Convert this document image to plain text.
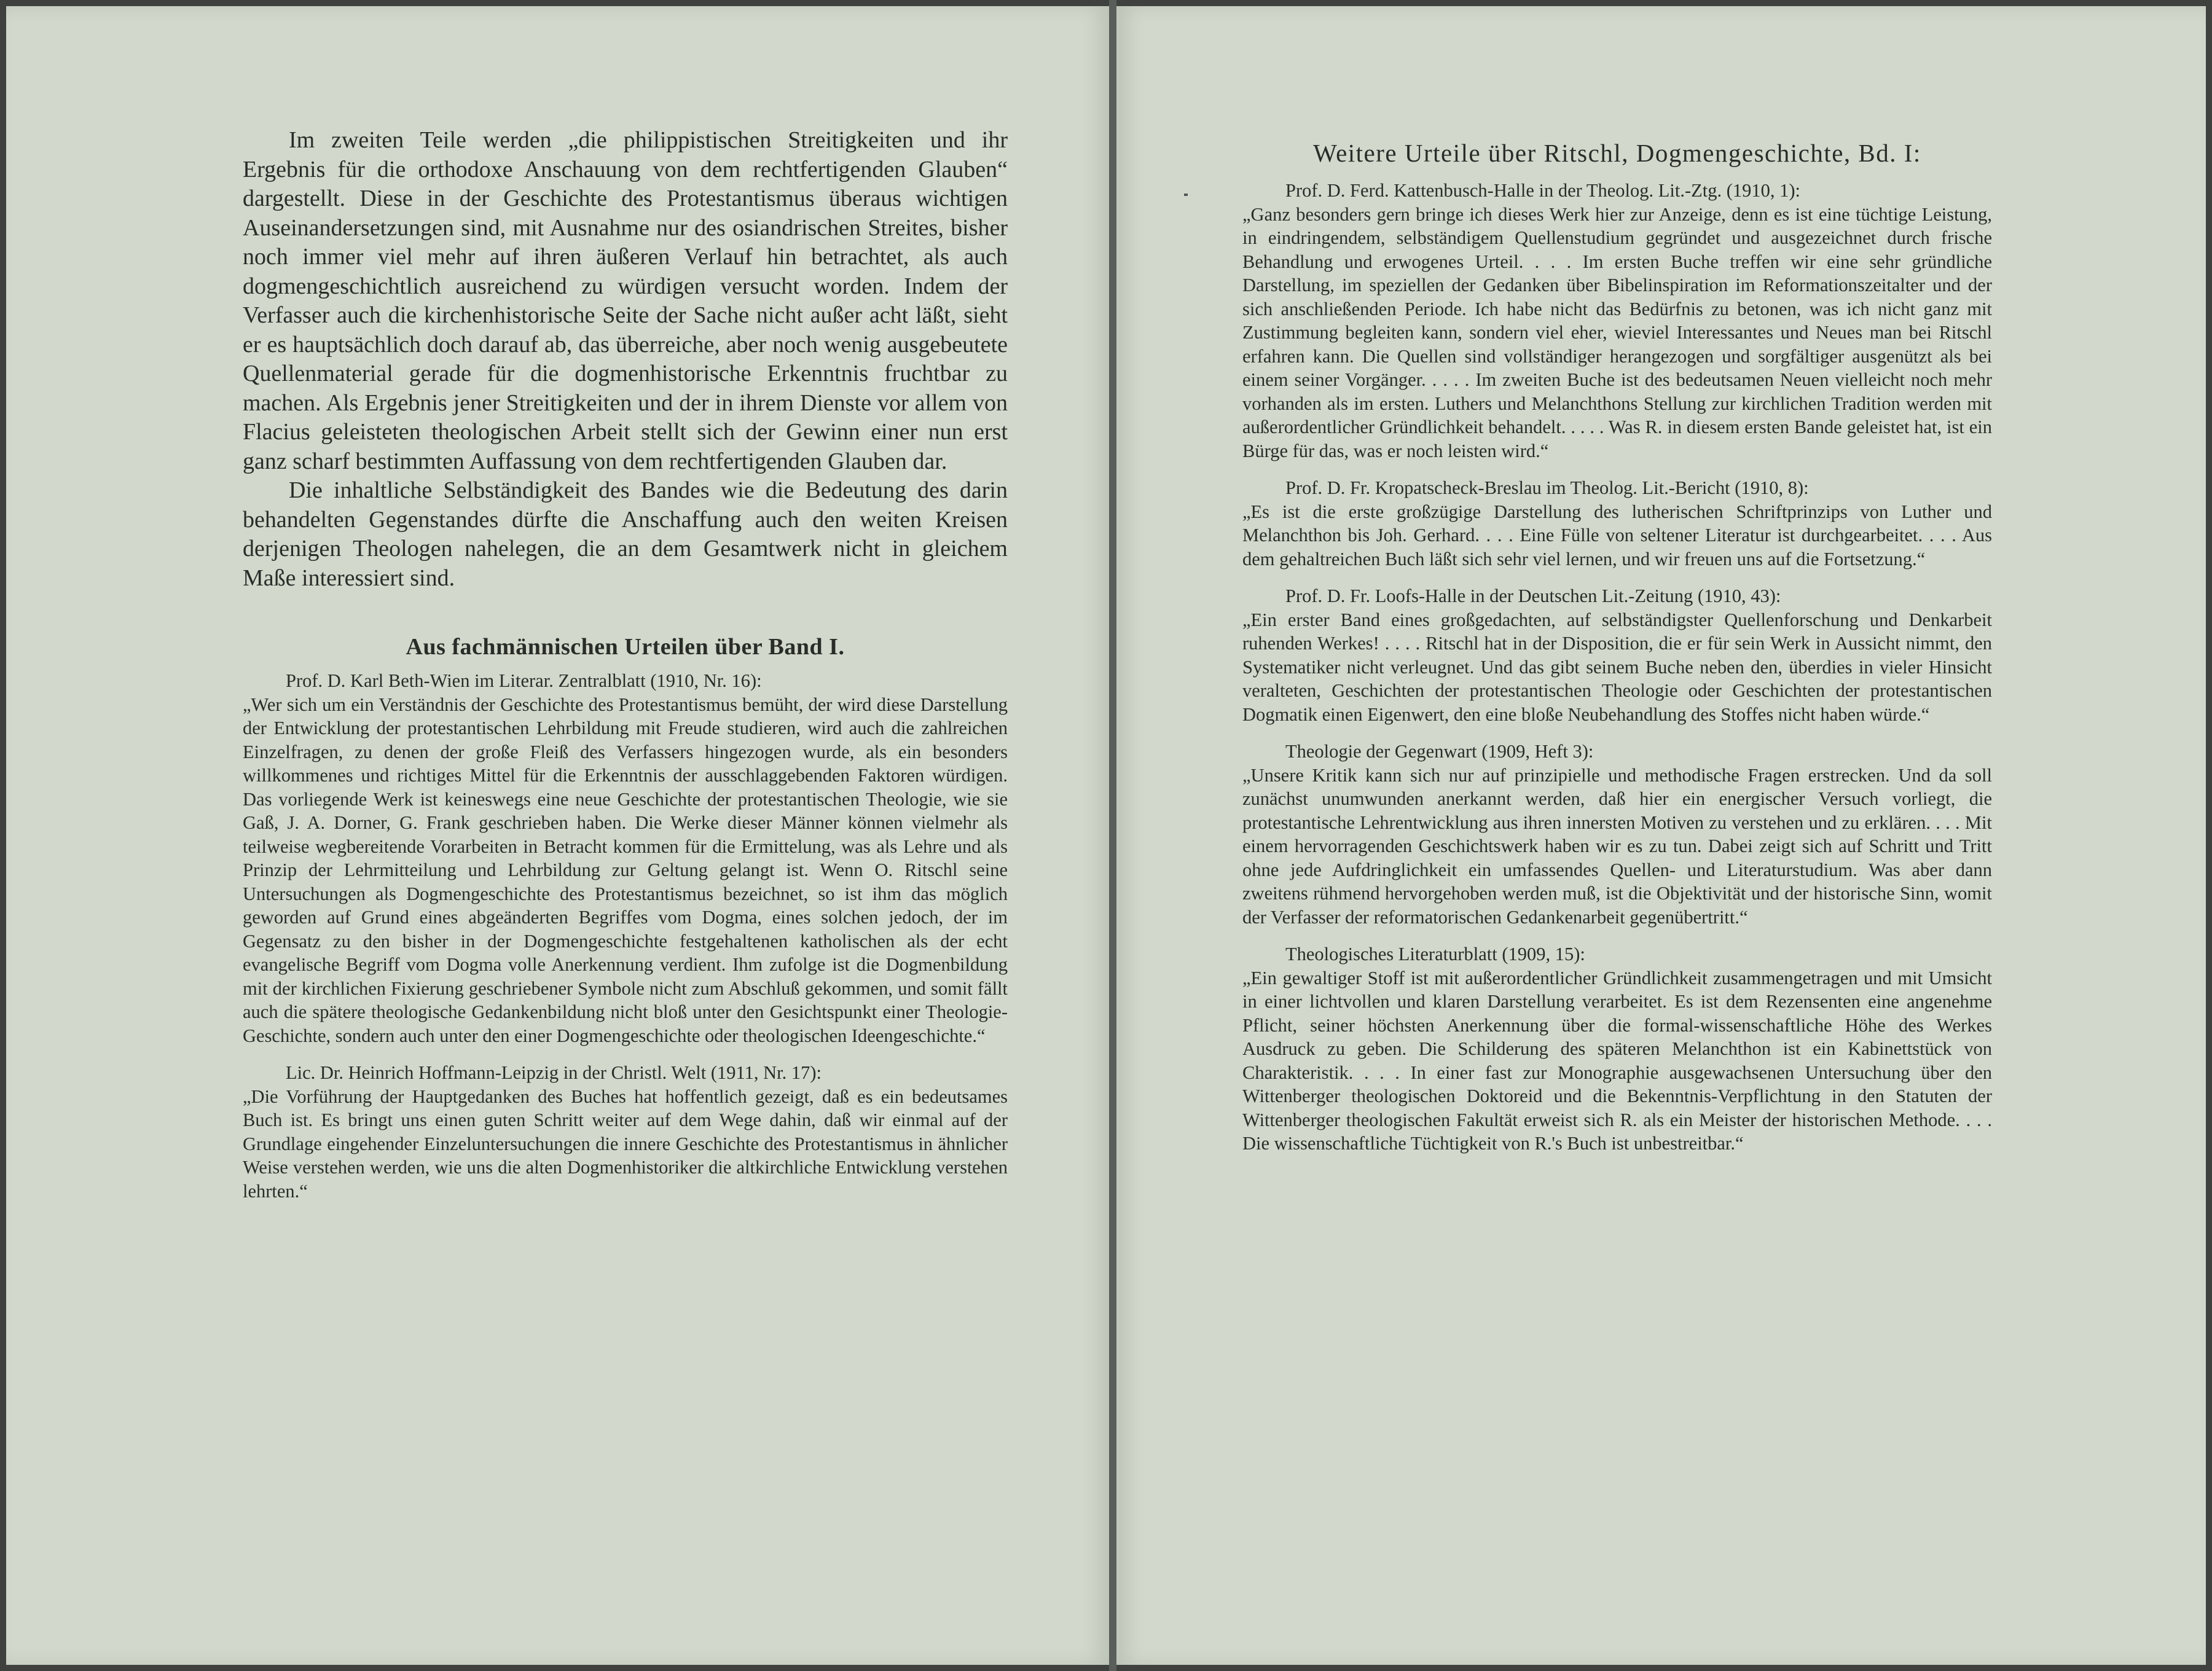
Im zweiten Teile werden „die philippistischen Streitigkeiten und ihr Ergebnis für die orthodoxe Anschauung von dem rechtfertigenden Glauben“ dargestellt. Diese in der Geschichte des Protestantismus überaus wichtigen Auseinandersetzungen sind, mit Ausnahme nur des osiandrischen Streites, bisher noch immer viel mehr auf ihren äußeren Verlauf hin betrachtet, als auch dogmengeschichtlich ausreichend zu würdigen versucht worden. Indem der Verfasser auch die kirchenhistorische Seite der Sache nicht außer acht läßt, sieht er es hauptsächlich doch darauf ab, das überreiche, aber noch wenig ausgebeutete Quellenmaterial gerade für die dogmenhistorische Erkenntnis fruchtbar zu machen. Als Ergebnis jener Streitigkeiten und der in ihrem Dienste vor allem von Flacius geleisteten theologischen Arbeit stellt sich der Gewinn einer nun erst ganz scharf bestimmten Auffassung von dem rechtfertigenden Glauben dar.

Die inhaltliche Selbständigkeit des Bandes wie die Bedeutung des darin behandelten Gegenstandes dürfte die Anschaffung auch den weiten Kreisen derjenigen Theologen nahelegen, die an dem Gesamtwerk nicht in gleichem Maße interessiert sind.

Aus fachmännischen Urteilen über Band I.

Prof. D. Karl Beth-Wien im Literar. Zentralblatt (1910, Nr. 16):

„Wer sich um ein Verständnis der Geschichte des Protestantismus bemüht, der wird diese Darstellung der Entwicklung der protestantischen Lehrbildung mit Freude studieren, wird auch die zahlreichen Einzelfragen, zu denen der große Fleiß des Verfassers hingezogen wurde, als ein besonders willkommenes und richtiges Mittel für die Erkenntnis der ausschlaggebenden Faktoren würdigen. Das vorliegende Werk ist keineswegs eine neue Geschichte der protestantischen Theologie, wie sie Gaß, J. A. Dorner, G. Frank geschrieben haben. Die Werke dieser Männer können vielmehr als teilweise wegbereitende Vorarbeiten in Betracht kommen für die Ermittelung, was als Lehre und als Prinzip der Lehrmitteilung und Lehrbildung zur Geltung gelangt ist. Wenn O. Ritschl seine Untersuchungen als Dogmengeschichte des Protestantismus bezeichnet, so ist ihm das möglich geworden auf Grund eines abgeänderten Begriffes vom Dogma, eines solchen jedoch, der im Gegensatz zu den bisher in der Dogmengeschichte festgehaltenen katholischen als der echt evangelische Begriff vom Dogma volle Anerkennung verdient. Ihm zufolge ist die Dogmenbildung mit der kirchlichen Fixierung geschriebener Symbole nicht zum Abschluß gekommen, und somit fällt auch die spätere theologische Gedankenbildung nicht bloß unter den Gesichtspunkt einer Theologie-Geschichte, sondern auch unter den einer Dogmengeschichte oder theologischen Ideengeschichte.“

Lic. Dr. Heinrich Hoffmann-Leipzig in der Christl. Welt (1911, Nr. 17):

„Die Vorführung der Hauptgedanken des Buches hat hoffentlich gezeigt, daß es ein bedeutsames Buch ist. Es bringt uns einen guten Schritt weiter auf dem Wege dahin, daß wir einmal auf der Grundlage eingehender Einzeluntersuchungen die innere Geschichte des Protestantismus in ähnlicher Weise verstehen werden, wie uns die alten Dogmenhistoriker die altkirchliche Entwicklung verstehen lehrten.“

Weitere Urteile über Ritschl, Dogmengeschichte, Bd. I:

Prof. D. Ferd. Kattenbusch-Halle in der Theolog. Lit.-Ztg. (1910, 1):

„Ganz besonders gern bringe ich dieses Werk hier zur Anzeige, denn es ist eine tüchtige Leistung, in eindringendem, selbständigem Quellenstudium gegründet und ausgezeichnet durch frische Behandlung und erwogenes Urteil. . . . Im ersten Buche treffen wir eine sehr gründliche Darstellung, im speziellen der Gedanken über Bibelinspiration im Reformationszeitalter und der sich anschließenden Periode. Ich habe nicht das Bedürfnis zu betonen, was ich nicht ganz mit Zustimmung begleiten kann, sondern viel eher, wieviel Interessantes und Neues man bei Ritschl erfahren kann. Die Quellen sind vollständiger herangezogen und sorgfältiger ausgenützt als bei einem seiner Vorgänger. . . . . Im zweiten Buche ist des bedeutsamen Neuen vielleicht noch mehr vorhanden als im ersten. Luthers und Melanchthons Stellung zur kirchlichen Tradition werden mit außerordentlicher Gründlichkeit behandelt. . . . . Was R. in diesem ersten Bande geleistet hat, ist ein Bürge für das, was er noch leisten wird.“

Prof. D. Fr. Kropatscheck-Breslau im Theolog. Lit.-Bericht (1910, 8):

„Es ist die erste großzügige Darstellung des lutherischen Schriftprinzips von Luther und Melanchthon bis Joh. Gerhard. . . . Eine Fülle von seltener Literatur ist durchgearbeitet. . . . Aus dem gehaltreichen Buch läßt sich sehr viel lernen, und wir freuen uns auf die Fortsetzung.“

Prof. D. Fr. Loofs-Halle in der Deutschen Lit.-Zeitung (1910, 43):

„Ein erster Band eines großgedachten, auf selbständigster Quellenforschung und Denkarbeit ruhenden Werkes! . . . . Ritschl hat in der Disposition, die er für sein Werk in Aussicht nimmt, den Systematiker nicht verleugnet. Und das gibt seinem Buche neben den, überdies in vieler Hinsicht veralteten, Geschichten der protestantischen Theologie oder Geschichten der protestantischen Dogmatik einen Eigenwert, den eine bloße Neubehandlung des Stoffes nicht haben würde.“

Theologie der Gegenwart (1909, Heft 3):

„Unsere Kritik kann sich nur auf prinzipielle und methodische Fragen erstrecken. Und da soll zunächst unumwunden anerkannt werden, daß hier ein energischer Versuch vorliegt, die protestantische Lehrentwicklung aus ihren innersten Motiven zu verstehen und zu erklären. . . . Mit einem hervorragenden Geschichtswerk haben wir es zu tun. Dabei zeigt sich auf Schritt und Tritt ohne jede Aufdringlichkeit ein umfassendes Quellen- und Literaturstudium. Was aber dann zweitens rühmend hervorgehoben werden muß, ist die Objektivität und der historische Sinn, womit der Verfasser der reformatorischen Gedankenarbeit gegenübertritt.“

Theologisches Literaturblatt (1909, 15):

„Ein gewaltiger Stoff ist mit außerordentlicher Gründlichkeit zusammengetragen und mit Umsicht in einer lichtvollen und klaren Darstellung verarbeitet. Es ist dem Rezensenten eine angenehme Pflicht, seiner höchsten Anerkennung über die formal-wissenschaftliche Höhe des Werkes Ausdruck zu geben. Die Schilderung des späteren Melanchthon ist ein Kabinettstück von Charakteristik. . . . In einer fast zur Monographie ausgewachsenen Untersuchung über den Wittenberger theologischen Doktoreid und die Bekenntnis-Verpflichtung in den Statuten der Wittenberger theologischen Fakultät erweist sich R. als ein Meister der historischen Methode. . . . Die wissenschaftliche Tüchtigkeit von R.'s Buch ist unbestreitbar.“
